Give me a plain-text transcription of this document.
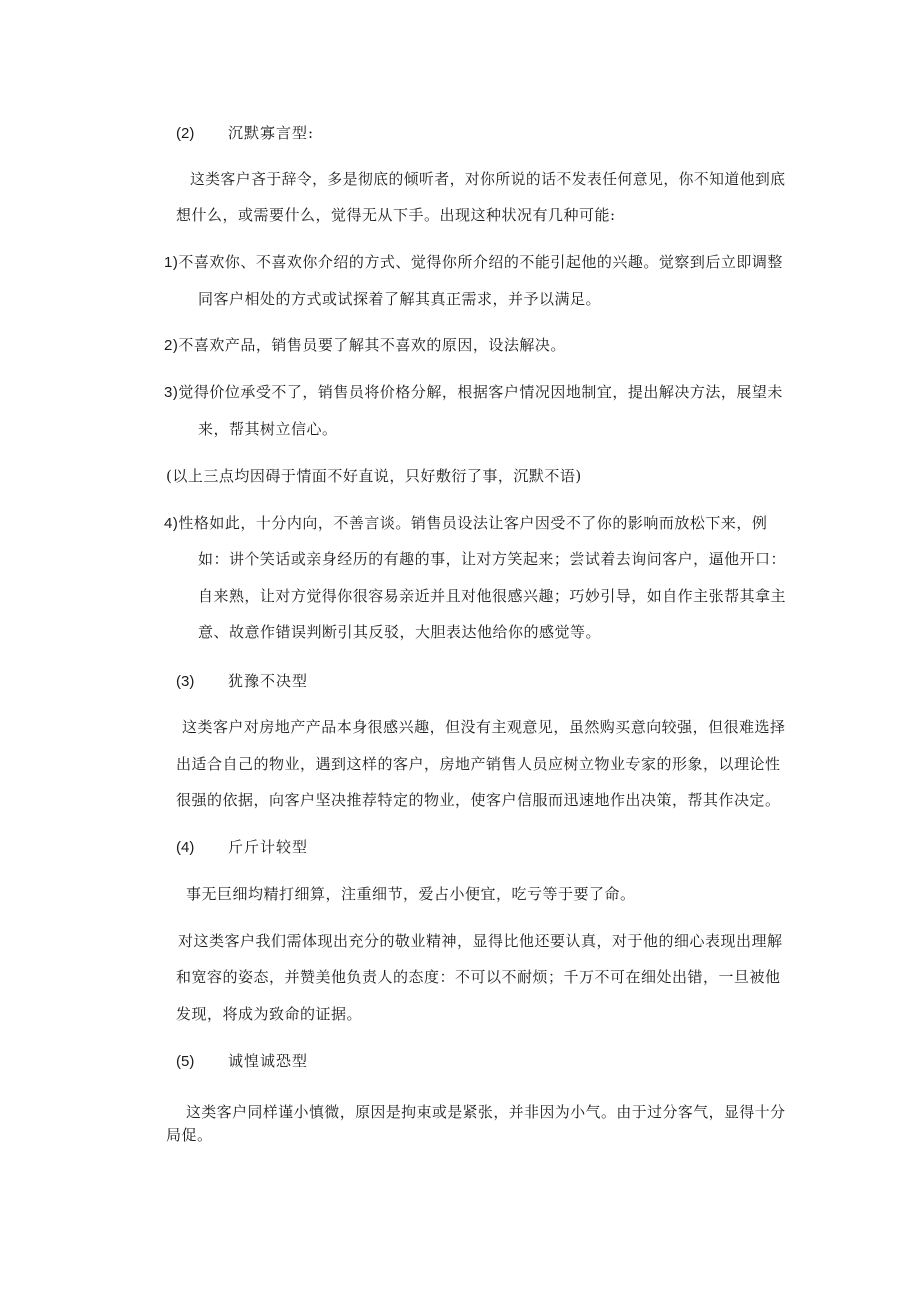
(2) 沉默寡言型:
这类客户吝于辞令，多是彻底的倾听者，对你所说的话不发表任何意见，你不知道他到底
想什么，或需要什么，觉得无从下手。出现这种状况有几种可能:
1)不喜欢你、不喜欢你介绍的方式、觉得你所介绍的不能引起他的兴趣。觉察到后立即调整
同客户相处的方式或试探着了解其真正需求，并予以满足。
2)不喜欢产品，销售员要了解其不喜欢的原因，设法解决。
3)觉得价位承受不了，销售员将价格分解，根据客户情况因地制宜，提出解决方法，展望未
来，帮其树立信心。
(以上三点均因碍于情面不好直说，只好敷衍了事，沉默不语)
4)性格如此，十分内向，不善言谈。销售员设法让客户因受不了你的影响而放松下来，例
如：讲个笑话或亲身经历的有趣的事，让对方笑起来；尝试着去询问客户，逼他开口：
自来熟，让对方觉得你很容易亲近并且对他很感兴趣；巧妙引导，如自作主张帮其拿主
意、故意作错误判断引其反驳，大胆表达他给你的感觉等。
(3) 犹豫不决型
这类客户对房地产产品本身很感兴趣，但没有主观意见，虽然购买意向较强，但很难选择
出适合自己的物业，遇到这样的客户，房地产销售人员应树立物业专家的形象，以理论性
很强的依据，向客户坚决推荐特定的物业，使客户信服而迅速地作出决策，帮其作决定。
(4) 斤斤计较型
事无巨细均精打细算，注重细节，爱占小便宜，吃亏等于要了命。
对这类客户我们需体现出充分的敬业精神，显得比他还要认真，对于他的细心表现出理解
和宽容的姿态，并赞美他负责人的态度：不可以不耐烦；千万不可在细处出错，一旦被他
发现，将成为致命的证据。
(5) 诚惶诚恐型
这类客户同样谨小慎微，原因是拘束或是紧张，并非因为小气。由于过分客气，显得十分
局促。
